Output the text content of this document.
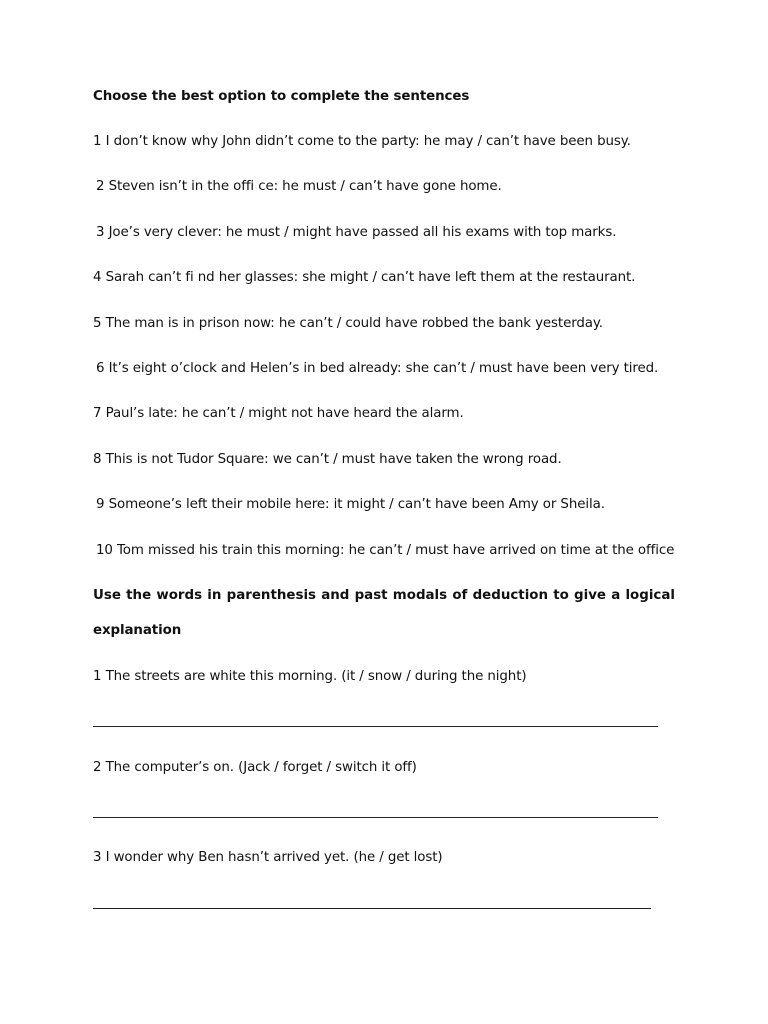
Choose the best option to complete the sentences
1 I don’t know why John didn’t come to the party: he may / can’t have been busy.
2 Steven isn’t in the offi ce: he must / can’t have gone home.
3 Joe’s very clever: he must / might have passed all his exams with top marks.
4 Sarah can’t fi nd her glasses: she might / can’t have left them at the restaurant.
5 The man is in prison now: he can’t / could have robbed the bank yesterday.
6 It’s eight o’clock and Helen’s in bed already: she can’t / must have been very tired.
7 Paul’s late: he can’t / might not have heard the alarm.
8 This is not Tudor Square: we can’t / must have taken the wrong road.
9 Someone’s left their mobile here: it might / can’t have been Amy or Sheila.
10 Tom missed his train this morning: he can’t / must have arrived on time at the office
Use the words in parenthesis and past modals of deduction to give a logical
explanation
1 The streets are white this morning. (it / snow / during the night)
2 The computer’s on. (Jack / forget / switch it off)
3 I wonder why Ben hasn’t arrived yet. (he / get lost)
